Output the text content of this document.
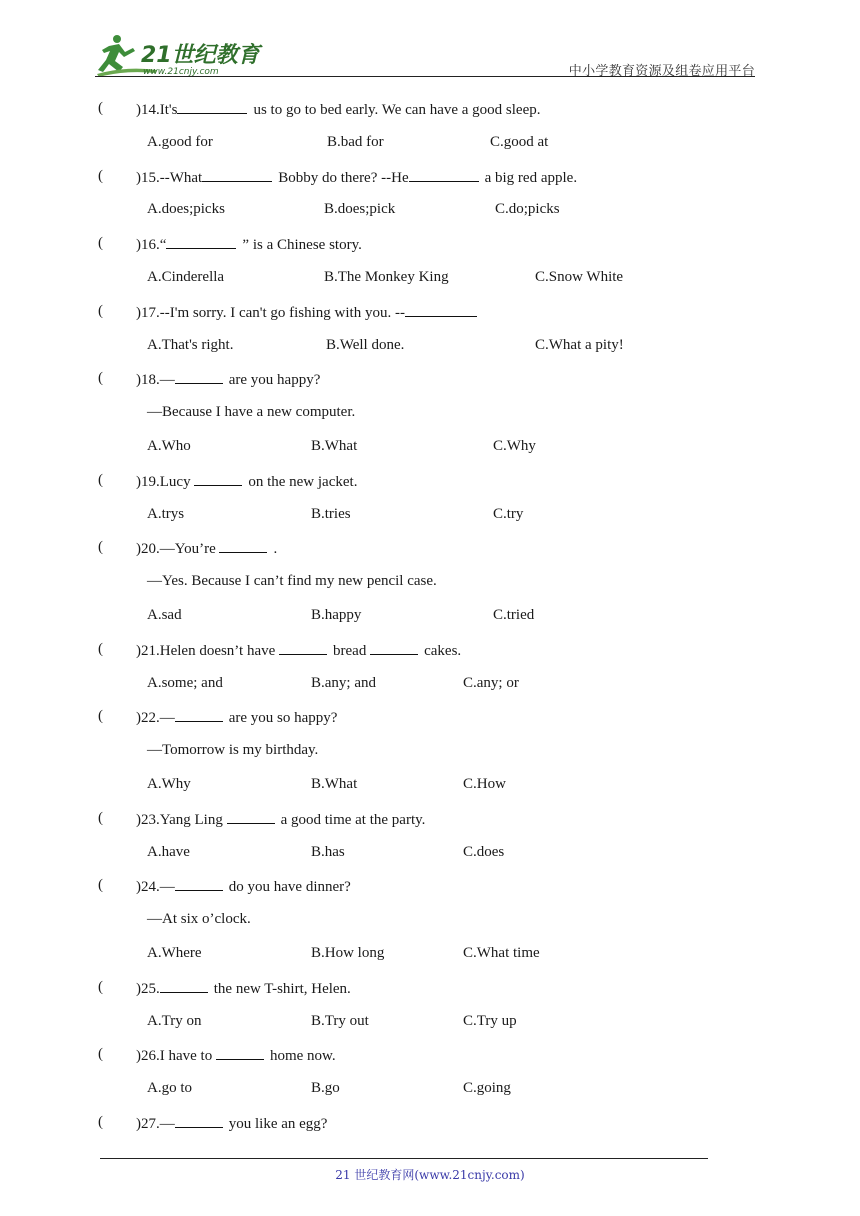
21世纪教育
www.21cnjy.com	中小学教育资源及组卷应用平台
( )14.It's	us to go to bed early. We can have a good sleep.
A.good for	B.bad for	C.good at
( )15.--What	Bobby do there? --He	a big red apple.
A.does;picks	B.does;pick	C.do;picks
( )16.“	” is a Chinese story.
A.Cinderella	B.The Monkey King	C.Snow White
( )17.--I'm sorry. I can't go fishing with you. --
A.That's right.	B.Well done.	C.What a pity!
( )18.—	are you happy?
—Because I have a new computer.
A.Who	B.What	C.Why
( )19.Lucy	on the new jacket.
A.trys	B.tries	C.try
( )20.—You’re	.
—Yes. Because I can’t find my new pencil case.
A.sad	B.happy	C.tried
( )21.Helen doesn’t have	bread	cakes.
A.some; and	B.any; and	C.any; or
( )22.—	are you so happy?
—Tomorrow is my birthday.
A.Why	B.What	C.How
( )23.Yang Ling	a good time at the party.
A.have	B.has	C.does
( )24.—	do you have dinner?
—At six o’clock.
A.Where	B.How long	C.What time
( )25.	the new T-shirt, Helen.
A.Try on	B.Try out	C.Try up
( )26.I have to	home now.
A.go to	B.go	C.going
( )27.—	you like an egg?
21 世纪教育网(www.21cnjy.com)
